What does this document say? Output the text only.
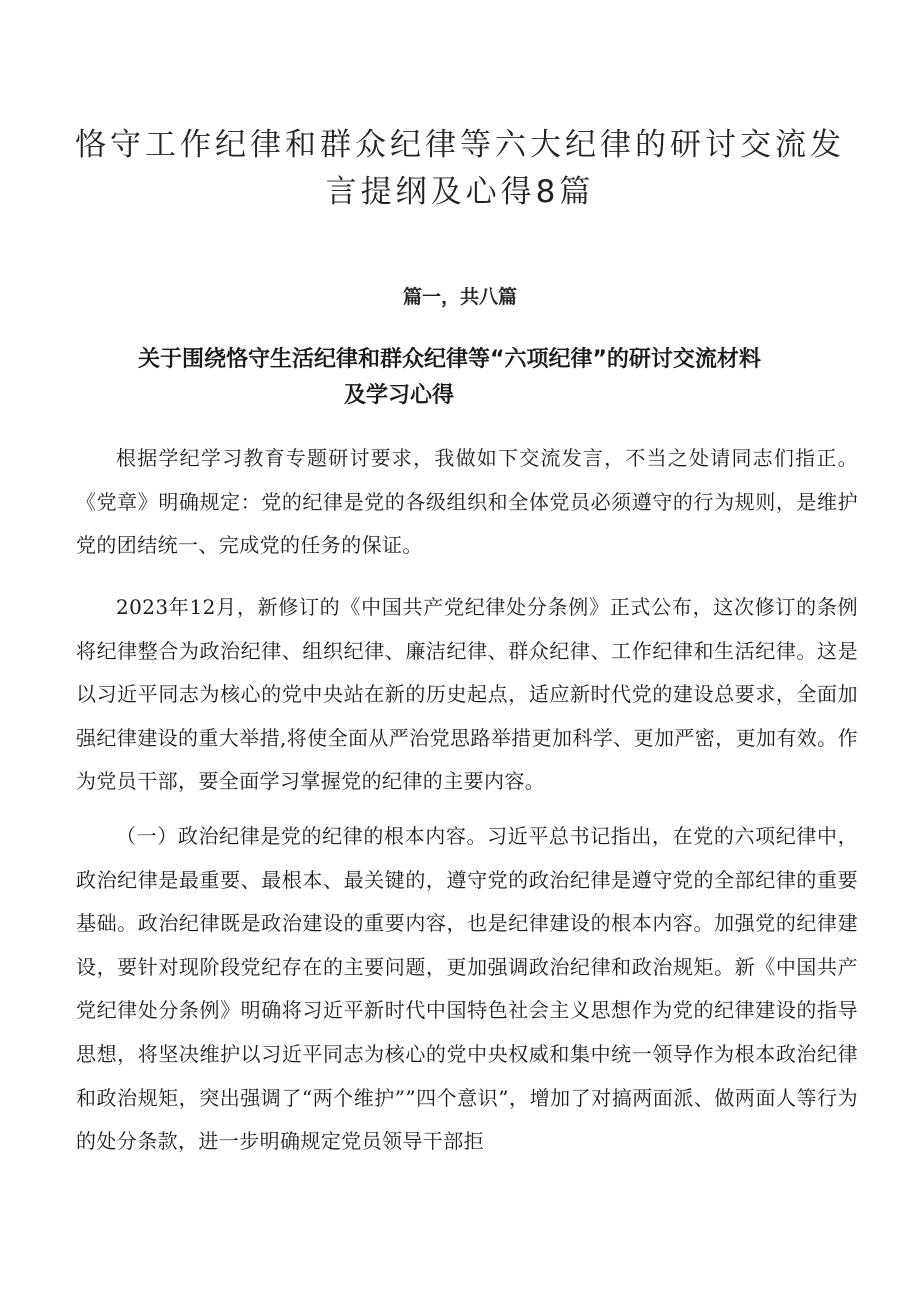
恪守工作纪律和群众纪律等六大纪律的研讨交流发言提纲及心得8篇
篇一，共八篇
关于围绕恪守生活纪律和群众纪律等“六项纪律”的研讨交流材料
及学习心得

根据学纪学习教育专题研讨要求，我做如下交流发言，不当之处请同志们指正。《党章》明确规定：党的纪律是党的各级组织和全体党员必须遵守的行为规则，是维护党的团结统一、完成党的任务的保证。

2023年12月，新修订的《中国共产党纪律处分条例》正式公布，这次修订的条例将纪律整合为政治纪律、组织纪律、廉洁纪律、群众纪律、工作纪律和生活纪律。这是以习近平同志为核心的党中央站在新的历史起点，适应新时代党的建设总要求，全面加强纪律建设的重大举措,将使全面从严治党思路举措更加科学、更加严密，更加有效。作为党员干部，要全面学习掌握党的纪律的主要内容。

（一）政治纪律是党的纪律的根本内容。习近平总书记指出，在党的六项纪律中，政治纪律是最重要、最根本、最关键的，遵守党的政治纪律是遵守党的全部纪律的重要基础。政治纪律既是政治建设的重要内容，也是纪律建设的根本内容。加强党的纪律建设，要针对现阶段党纪存在的主要问题，更加强调政治纪律和政治规矩。新《中国共产党纪律处分条例》明确将习近平新时代中国特色社会主义思想作为党的纪律建设的指导思想，将坚决维护以习近平同志为核心的党中央权威和集中统一领导作为根本政治纪律和政治规矩，突出强调了“两个维护””四个意识”，增加了对搞两面派、做两面人等行为的处分条款，进一步明确规定党员领导干部拒
